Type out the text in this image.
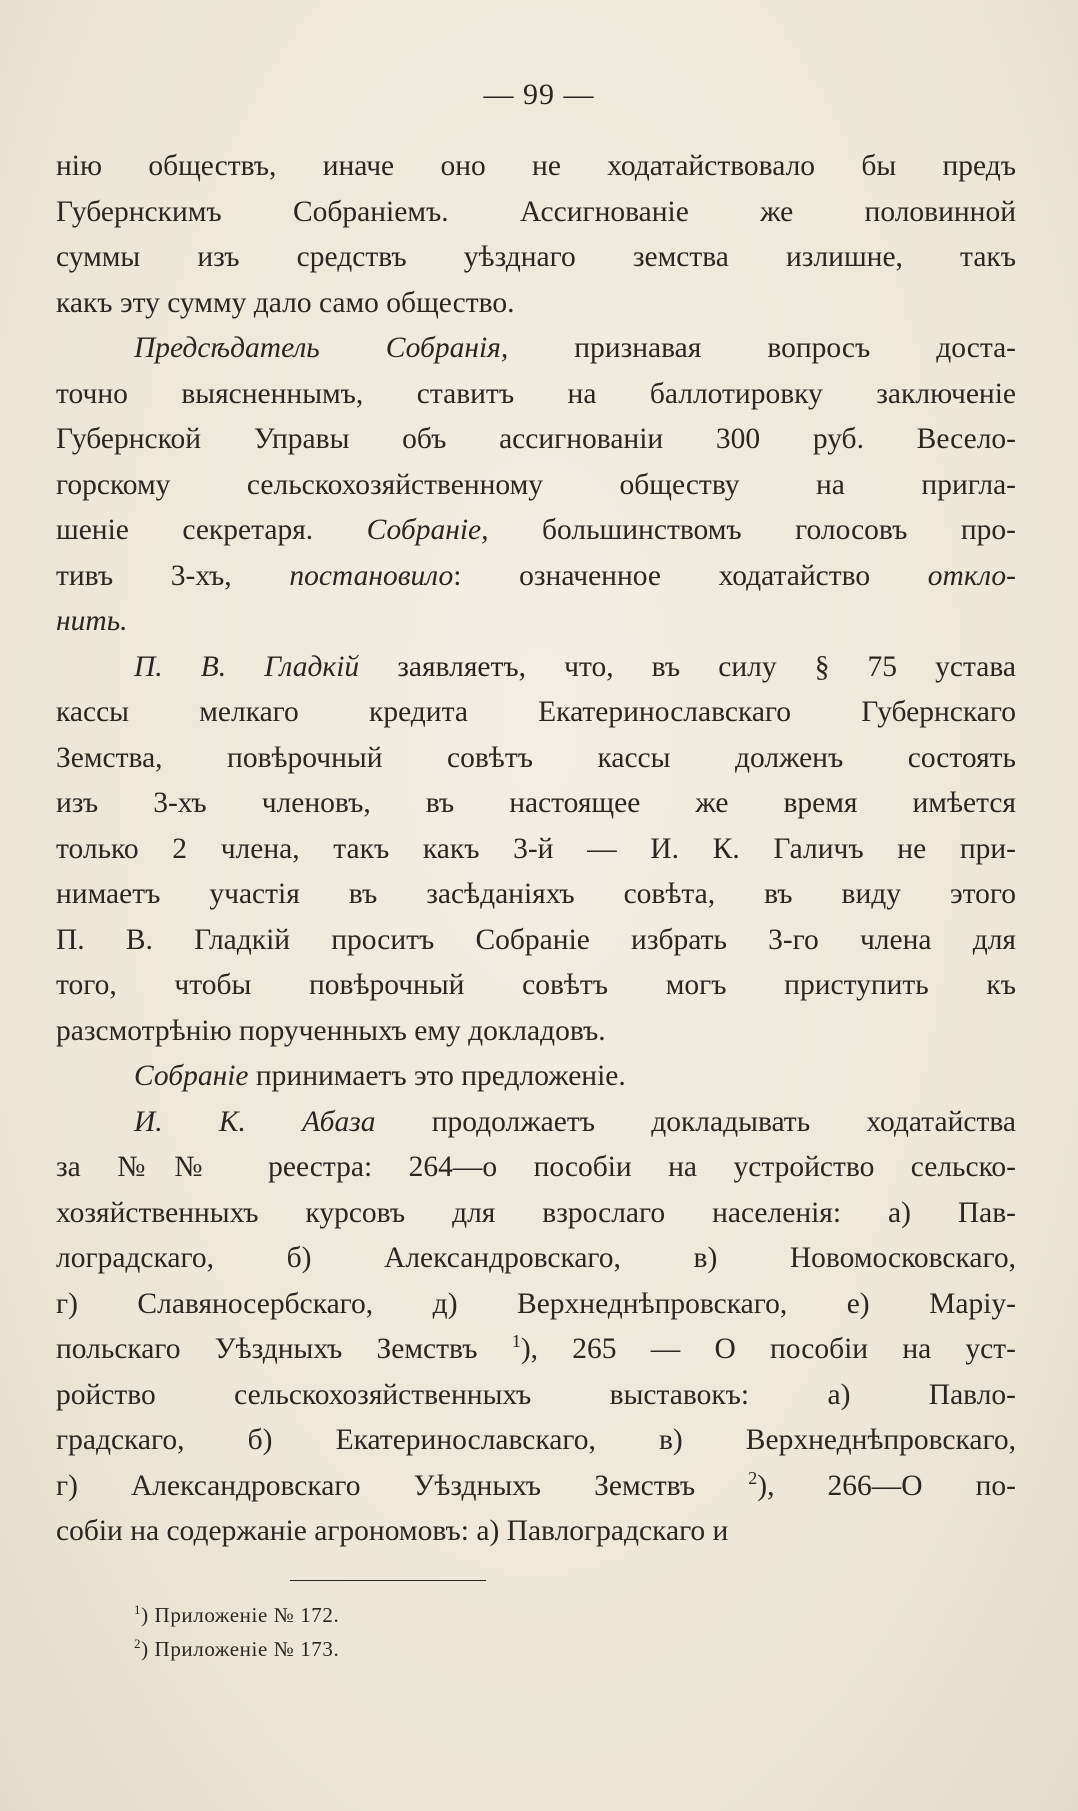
— 99 —
нію обществъ, иначе оно не ходатайствовало бы предъ
Губернскимъ Собраніемъ. Ассигнованіе же половинной
суммы изъ средствъ уѣзднаго земства излишне, такъ
какъ эту сумму дало само общество.
Предсѣдатель Собранія, признавая вопросъ доста-
точно выясненнымъ, ставитъ на баллотировку заключеніе
Губернской Управы объ ассигнованіи 300 руб. Весело-
горскому сельскохозяйственному обществу на пригла-
шеніе секретаря. Собраніе, большинствомъ голосовъ про-
тивъ 3-хъ, постановило: означенное ходатайство откло-
нить.
П. В. Гладкій заявляетъ, что, въ силу § 75 устава
кассы мелкаго кредита Екатеринославскаго Губернскаго
Земства, повѣрочный совѣтъ кассы долженъ состоять
изъ 3-хъ членовъ, въ настоящее же время имѣется
только 2 члена, такъ какъ 3-й — И. К. Галичъ не при-
нимаетъ участія въ засѣданіяхъ совѣта, въ виду этого
П. В. Гладкій проситъ Собраніе избрать 3-го члена для
того, чтобы повѣрочный совѣтъ могъ приступить къ
разсмотрѣнію порученныхъ ему докладовъ.
Собраніе принимаетъ это предложеніе.
И. К. Абаза продолжаетъ докладывать ходатайства
за №№ реестра: 264—о пособіи на устройство сельско-
хозяйственныхъ курсовъ для взрослаго населенія: а) Пав-
лоградскаго, б) Александровскаго, в) Новомосковскаго,
г) Славяносербскаго, д) Верхнеднѣпровскаго, е) Маріу-
польскаго Уѣздныхъ Земствъ $^1$), 265 — О пособіи на уст-
ройство сельскохозяйственныхъ выставокъ: а) Павло-
градскаго, б) Екатеринославскаго, в) Верхнеднѣпровскаго,
г) Александровскаго Уѣздныхъ Земствъ $^2$), 266—О по-
собіи на содержаніе агрономовъ: а) Павлоградскаго и
$^1$) Приложеніе № 172.
$^2$) Приложеніе № 173.
